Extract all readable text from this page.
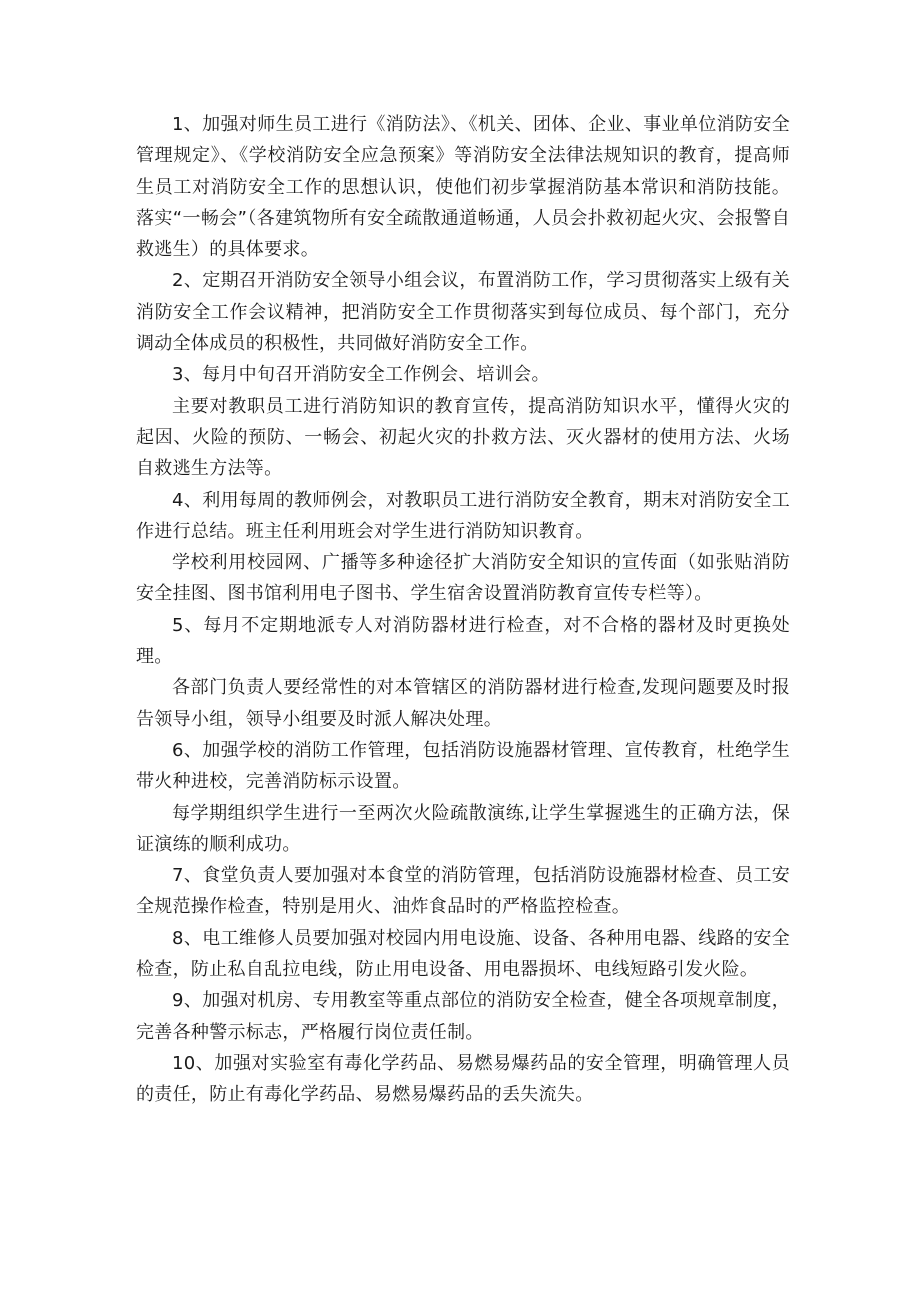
1、加强对师生员工进行《消防法》、《机关、团体、企业、事业单位消防安全管理规定》、《学校消防安全应急预案》等消防安全法律法规知识的教育，提高师生员工对消防安全工作的思想认识，使他们初步掌握消防基本常识和消防技能。落实“一畅会”（各建筑物所有安全疏散通道畅通，人员会扑救初起火灾、会报警自救逃生）的具体要求。

2、定期召开消防安全领导小组会议，布置消防工作，学习贯彻落实上级有关消防安全工作会议精神，把消防安全工作贯彻落实到每位成员、每个部门，充分调动全体成员的积极性，共同做好消防安全工作。

3、每月中旬召开消防安全工作例会、培训会。

主要对教职员工进行消防知识的教育宣传，提高消防知识水平，懂得火灾的起因、火险的预防、一畅会、初起火灾的扑救方法、灭火器材的使用方法、火场自救逃生方法等。

4、利用每周的教师例会，对教职员工进行消防安全教育，期末对消防安全工作进行总结。班主任利用班会对学生进行消防知识教育。

学校利用校园网、广播等多种途径扩大消防安全知识的宣传面（如张贴消防安全挂图、图书馆利用电子图书、学生宿舍设置消防教育宣传专栏等）。

5、每月不定期地派专人对消防器材进行检查，对不合格的器材及时更换处理。

各部门负责人要经常性的对本管辖区的消防器材进行检查,发现问题要及时报告领导小组，领导小组要及时派人解决处理。

6、加强学校的消防工作管理，包括消防设施器材管理、宣传教育，杜绝学生带火种进校，完善消防标示设置。

每学期组织学生进行一至两次火险疏散演练,让学生掌握逃生的正确方法，保证演练的顺利成功。

7、食堂负责人要加强对本食堂的消防管理，包括消防设施器材检查、员工安全规范操作检查，特别是用火、油炸食品时的严格监控检查。

8、电工维修人员要加强对校园内用电设施、设备、各种用电器、线路的安全检查，防止私自乱拉电线，防止用电设备、用电器损坏、电线短路引发火险。

9、加强对机房、专用教室等重点部位的消防安全检查，健全各项规章制度，完善各种警示标志，严格履行岗位责任制。

10、加强对实验室有毒化学药品、易燃易爆药品的安全管理，明确管理人员的责任，防止有毒化学药品、易燃易爆药品的丢失流失。
